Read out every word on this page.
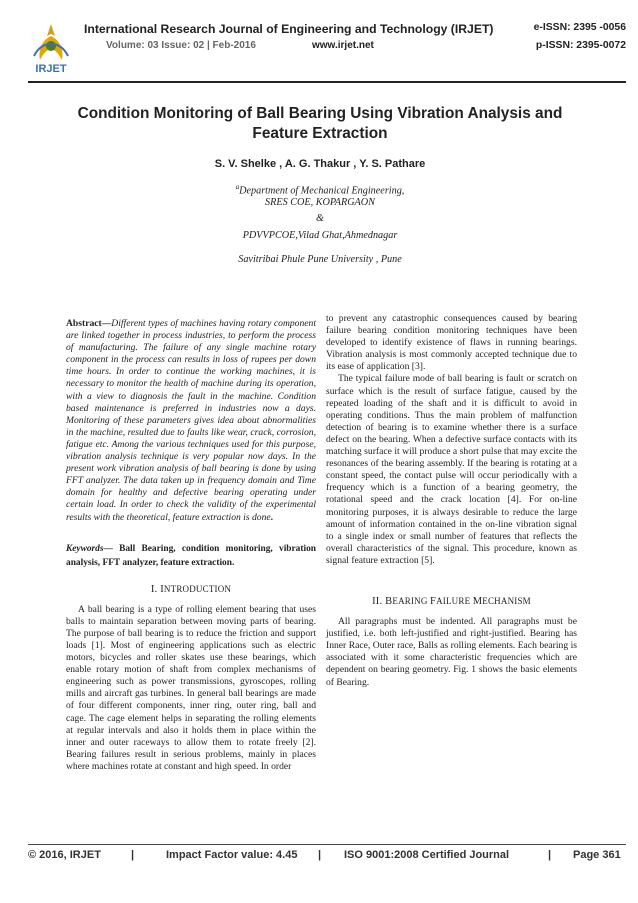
IRJET
International Research Journal of Engineering and Technology (IRJET)	e-ISSN: 2395 -0056
Volume: 03 Issue: 02 | Feb-2016	www.irjet.net	p-ISSN: 2395-0072
Condition Monitoring of Ball Bearing Using Vibration Analysis and
Feature Extraction
S. V. Shelke , A. G. Thakur , Y. S. Pathare
$^a$Department of Mechanical Engineering,
SRES COE, KOPARGAON
&
PDVVPCOE,Vilad Ghat,Ahmednagar
Savitribai Phule Pune University , Pune

Abstract—Different types of machines having rotary component are linked together in process industries, to perform the process of manufacturing. The failure of any single machine rotary component in the process can results in loss of rupees per down time hours. In order to continue the working machines, it is necessary to monitor the health of machine during its operation, with a view to diagnosis the fault in the machine. Condition based maintenance is preferred in industries now a days. Monitoring of these parameters gives idea about abnormalities in the machine, resulted due to faults like wear, crack, corrosion, fatigue etc. Among the various techniques used for this purpose, vibration analysis technique is very popular now days. In the present work vibration analysis of ball bearing is done by using FFT analyzer. The data taken up in frequency domain and Time domain for healthy and defective bearing operating under certain load. In order to check the validity of the experimental results with the theoretical, feature extraction is done.

Keywords— Ball Bearing, condition monitoring, vibration analysis, FFT analyzer, feature extraction.

I. INTRODUCTION

A ball bearing is a type of rolling element bearing that uses balls to maintain separation between moving parts of bearing. The purpose of ball bearing is to reduce the friction and support loads [1]. Most of engineering applications such as electric motors, bicycles and roller skates use these bearings, which enable rotary motion of shaft from complex mechanisms of engineering such as power transmissions, gyroscopes, rolling mills and aircraft gas turbines. In general ball bearings are made of four different components, inner ring, outer ring, ball and cage. The cage element helps in separating the rolling elements at regular intervals and also it holds them in place within the inner and outer raceways to allow them to rotate freely [2]. Bearing failures result in serious problems, mainly in places where machines rotate at constant and high speed. In order

to prevent any catastrophic consequences caused by bearing failure bearing condition monitoring techniques have been developed to identify existence of flaws in running bearings. Vibration analysis is most commonly accepted technique due to its ease of application [3].

The typical failure mode of ball bearing is fault or scratch on surface which is the result of surface fatigue, caused by the repeated loading of the shaft and it is difficult to avoid in operating conditions. Thus the main problem of malfunction detection of bearing is to examine whether there is a surface defect on the bearing. When a defective surface contacts with its matching surface it will produce a short pulse that may excite the resonances of the bearing assembly. If the bearing is rotating at a constant speed, the contact pulse will occur periodically with a frequency which is a function of a bearing geometry, the rotational speed and the crack location [4]. For on-line monitoring purposes, it is always desirable to reduce the large amount of information contained in the on-line vibration signal to a single index or small number of features that reflects the overall characteristics of the signal. This procedure, known as signal feature extraction [5].

II. BEARING FAILURE MECHANISM

All paragraphs must be indented. All paragraphs must be justified, i.e. both left-justified and right-justified. Bearing has Inner Race, Outer race, Balls as rolling elements. Each bearing is associated with it some characteristic frequencies which are dependent on bearing geometry. Fig. 1 shows the basic elements of Bearing.

© 2016, IRJET	|	Impact Factor value: 4.45 | ISO 9001:2008 Certified Journal	| Page 361
